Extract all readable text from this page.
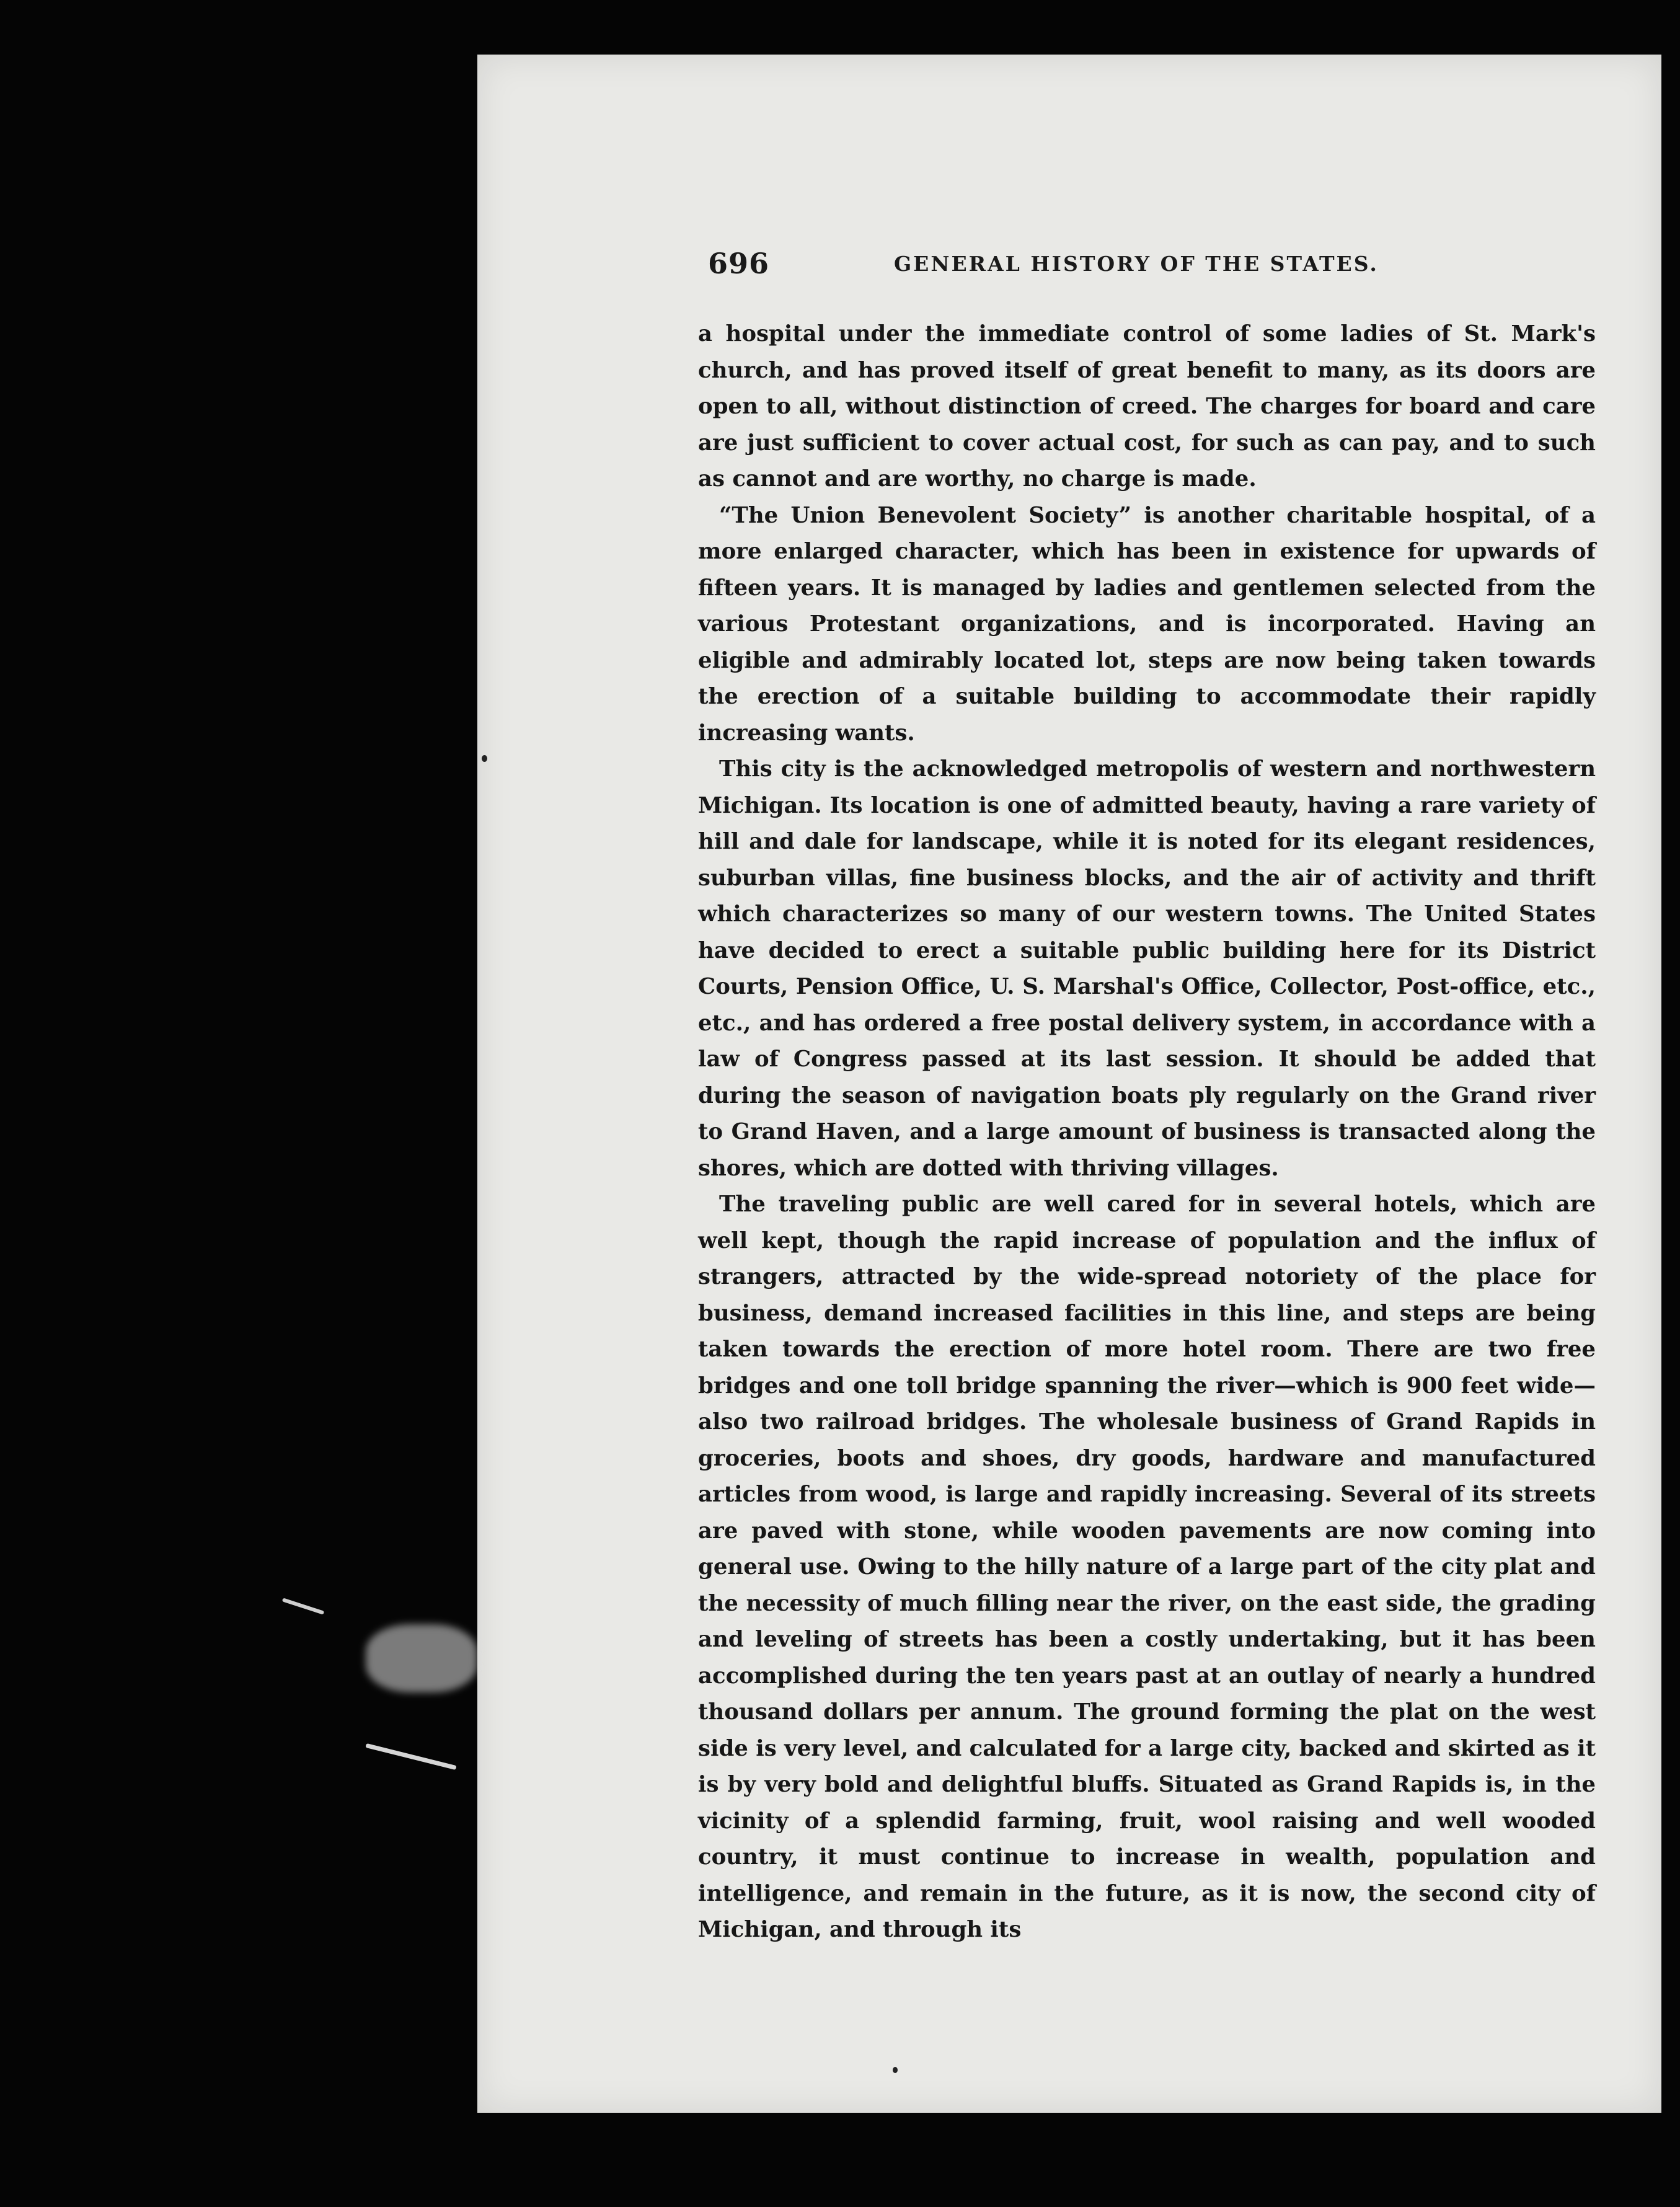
696	GENERAL HISTORY OF THE STATES.

a hospital under the immediate control of some ladies of St. Mark's church, and has proved itself of great benefit to many, as its doors are open to all, without distinction of creed. The charges for board and care are just sufficient to cover actual cost, for such as can pay, and to such as cannot and are worthy, no charge is made.

“The Union Benevolent Society” is another charitable hospital, of a more enlarged character, which has been in existence for upwards of fifteen years. It is managed by ladies and gentlemen selected from the various Protestant organizations, and is incorporated. Having an eligible and admirably located lot, steps are now being taken towards the erection of a suitable building to accommodate their rapidly increasing wants.

This city is the acknowledged metropolis of western and northwestern Michigan. Its location is one of admitted beauty, having a rare variety of hill and dale for landscape, while it is noted for its elegant residences, suburban villas, fine business blocks, and the air of activity and thrift which characterizes so many of our western towns. The United States have decided to erect a suitable public building here for its District Courts, Pension Office, U. S. Marshal's Office, Collector, Post-office, etc., etc., and has ordered a free postal delivery system, in accordance with a law of Congress passed at its last session. It should be added that during the season of navigation boats ply regularly on the Grand river to Grand Haven, and a large amount of business is transacted along the shores, which are dotted with thriving villages.

The traveling public are well cared for in several hotels, which are well kept, though the rapid increase of population and the influx of strangers, attracted by the wide-spread notoriety of the place for business, demand increased facilities in this line, and steps are being taken towards the erection of more hotel room. There are two free bridges and one toll bridge spanning the river—which is 900 feet wide—also two railroad bridges. The wholesale business of Grand Rapids in groceries, boots and shoes, dry goods, hardware and manufactured articles from wood, is large and rapidly increasing. Several of its streets are paved with stone, while wooden pavements are now coming into general use. Owing to the hilly nature of a large part of the city plat and the necessity of much filling near the river, on the east side, the grading and leveling of streets has been a costly undertaking, but it has been accomplished during the ten years past at an outlay of nearly a hundred thousand dollars per annum. The ground forming the plat on the west side is very level, and calculated for a large city, backed and skirted as it is by very bold and delightful bluffs. Situated as Grand Rapids is, in the vicinity of a splendid farming, fruit, wool raising and well wooded country, it must continue to increase in wealth, population and intelligence, and remain in the future, as it is now, the second city of Michigan, and through its
